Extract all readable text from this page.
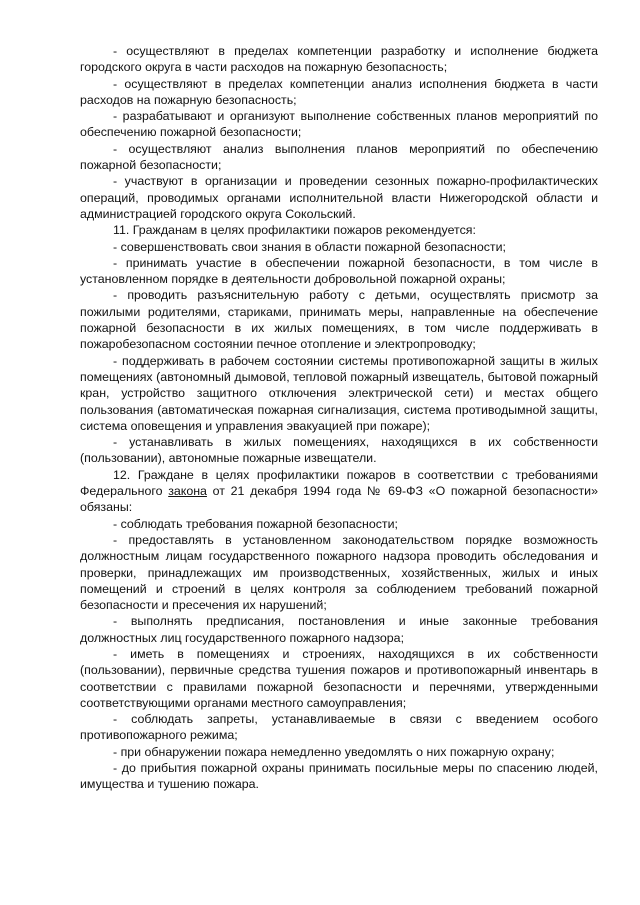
- осуществляют в пределах компетенции разработку и исполнение бюджета городского округа в части расходов на пожарную безопасность;

- осуществляют в пределах компетенции анализ исполнения бюджета в части расходов на пожарную безопасность;

- разрабатывают и организуют выполнение собственных планов мероприятий по обеспечению пожарной безопасности;

- осуществляют анализ выполнения планов мероприятий по обеспечению пожарной безопасности;

- участвуют в организации и проведении сезонных пожарно-профилактических операций, проводимых органами исполнительной власти Нижегородской области и администрацией городского округа Сокольский.

11. Гражданам в целях профилактики пожаров рекомендуется:

- совершенствовать свои знания в области пожарной безопасности;

- принимать участие в обеспечении пожарной безопасности, в том числе в установленном порядке в деятельности добровольной пожарной охраны;

- проводить разъяснительную работу с детьми, осуществлять присмотр за пожилыми родителями, стариками, принимать меры, направленные на обеспечение пожарной безопасности в их жилых помещениях, в том числе поддерживать в пожаробезопасном состоянии печное отопление и электропроводку;

- поддерживать в рабочем состоянии системы противопожарной защиты в жилых помещениях (автономный дымовой, тепловой пожарный извещатель, бытовой пожарный кран, устройство защитного отключения электрической сети) и местах общего пользования (автоматическая пожарная сигнализация, система противодымной защиты, система оповещения и управления эвакуацией при пожаре);

- устанавливать в жилых помещениях, находящихся в их собственности (пользовании), автономные пожарные извещатели.

12. Граждане в целях профилактики пожаров в соответствии с требованиями Федерального закона от 21 декабря 1994 года № 69-ФЗ «О пожарной безопасности» обязаны:

- соблюдать требования пожарной безопасности;

- предоставлять в установленном законодательством порядке возможность должностным лицам государственного пожарного надзора проводить обследования и проверки, принадлежащих им производственных, хозяйственных, жилых и иных помещений и строений в целях контроля за соблюдением требований пожарной безопасности и пресечения их нарушений;

- выполнять предписания, постановления и иные законные требования должностных лиц государственного пожарного надзора;

- иметь в помещениях и строениях, находящихся в их собственности (пользовании), первичные средства тушения пожаров и противопожарный инвентарь в соответствии с правилами пожарной безопасности и перечнями, утвержденными соответствующими органами местного самоуправления;

- соблюдать запреты, устанавливаемые в связи с введением особого противопожарного режима;

- при обнаружении пожара немедленно уведомлять о них пожарную охрану;

- до прибытия пожарной охраны принимать посильные меры по спасению людей, имущества и тушению пожара.
